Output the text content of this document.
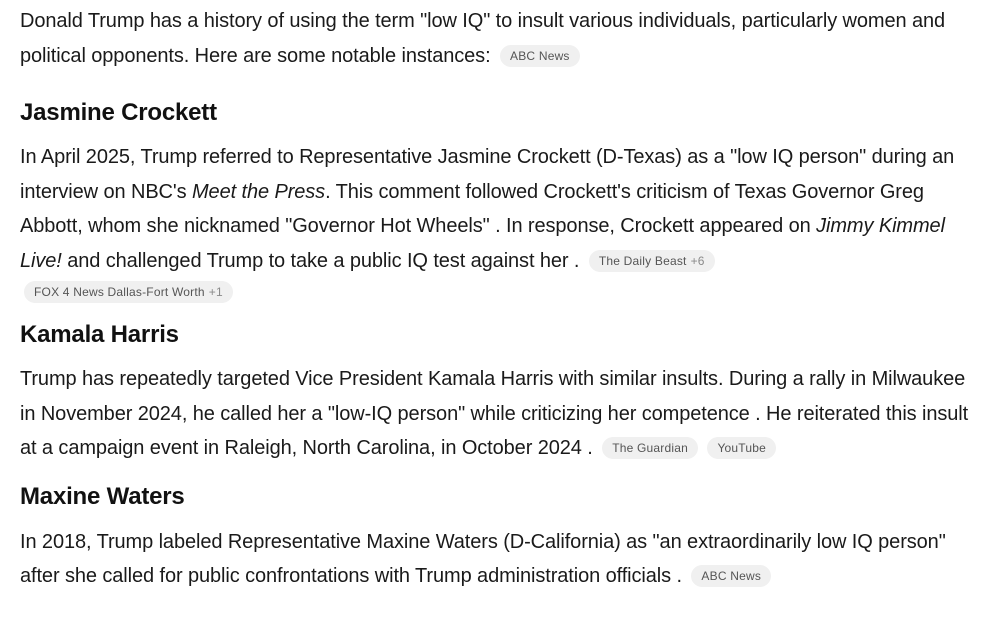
Donald Trump has a history of using the term "low IQ" to insult various individuals, particularly women and political opponents. Here are some notable instances: ABC News

Jasmine Crockett

In April 2025, Trump referred to Representative Jasmine Crockett (D-Texas) as a "low IQ person" during an interview on NBC's Meet the Press. This comment followed Crockett's criticism of Texas Governor Greg Abbott, whom she nicknamed "Governor Hot Wheels" . In response, Crockett appeared on Jimmy Kimmel Live! and challenged Trump to take a public IQ test against her . The Daily Beast +6

FOX 4 News Dallas-Fort Worth +1
Kamala Harris

Trump has repeatedly targeted Vice President Kamala Harris with similar insults. During a rally in Milwaukee in November 2024, he called her a "low-IQ person" while criticizing her competence . He reiterated this insult at a campaign event in Raleigh, North Carolina, in October 2024 . The Guardian YouTube

Maxine Waters

In 2018, Trump labeled Representative Maxine Waters (D-California) as "an extraordinarily low IQ person" after she called for public confrontations with Trump administration officials . ABC News
